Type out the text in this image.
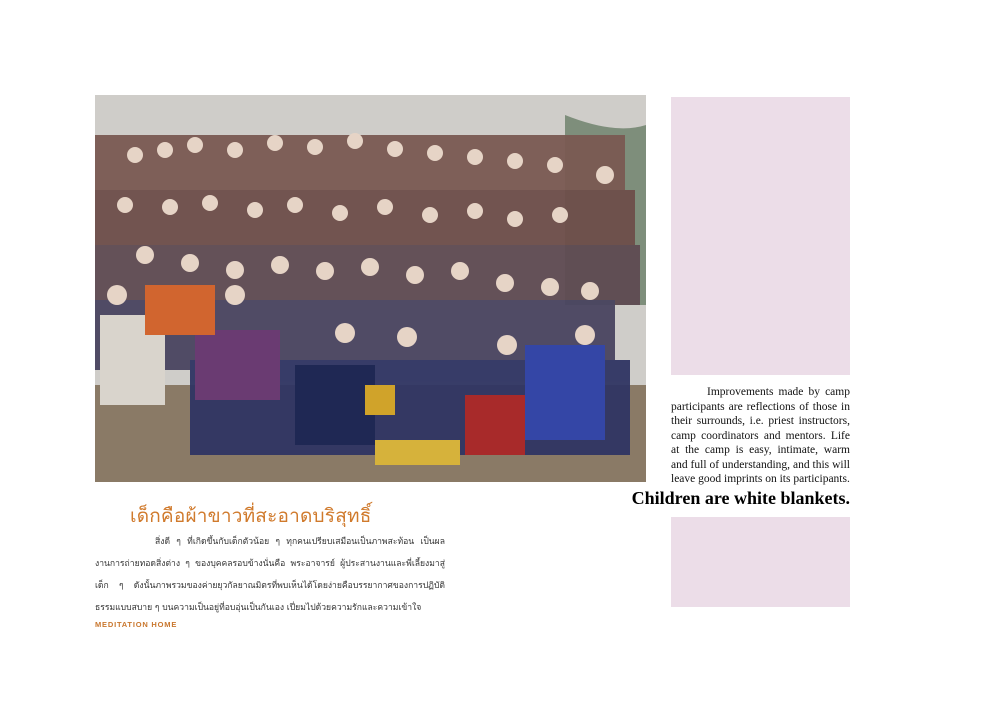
Improvements made by camp participants are reflections of those in their surrounds, i.e. priest instructors, camp coordinators and mentors. Life at the camp is easy, intimate, warm and full of understanding, and this will leave good imprints on its participants.
Children are white blankets.
เด็กคือผ้าขาวที่สะอาดบริสุทธิ์
สิ่งดี ๆ ที่เกิดขึ้นกับเด็กตัวน้อย ๆ ทุกคนเปรียบเสมือนเป็นภาพสะท้อน เป็นผลงานการถ่ายทอดสิ่งต่าง ๆ ของบุคคลรอบข้างนั่นคือ พระอาจารย์ ผู้ประสานงานและพี่เลี้ยงมาสู่เด็ก ๆ ดังนั้นภาพรวมของค่ายยุวกัลยาณมิตรที่พบเห็นได้โดยง่ายคือบรรยากาศของการปฏิบัติธรรมแบบสบาย ๆ บนความเป็นอยู่ที่อบอุ่นเป็นกันเอง เปี่ยมไปด้วยความรักและความเข้าใจ
MEDITATION HOME
